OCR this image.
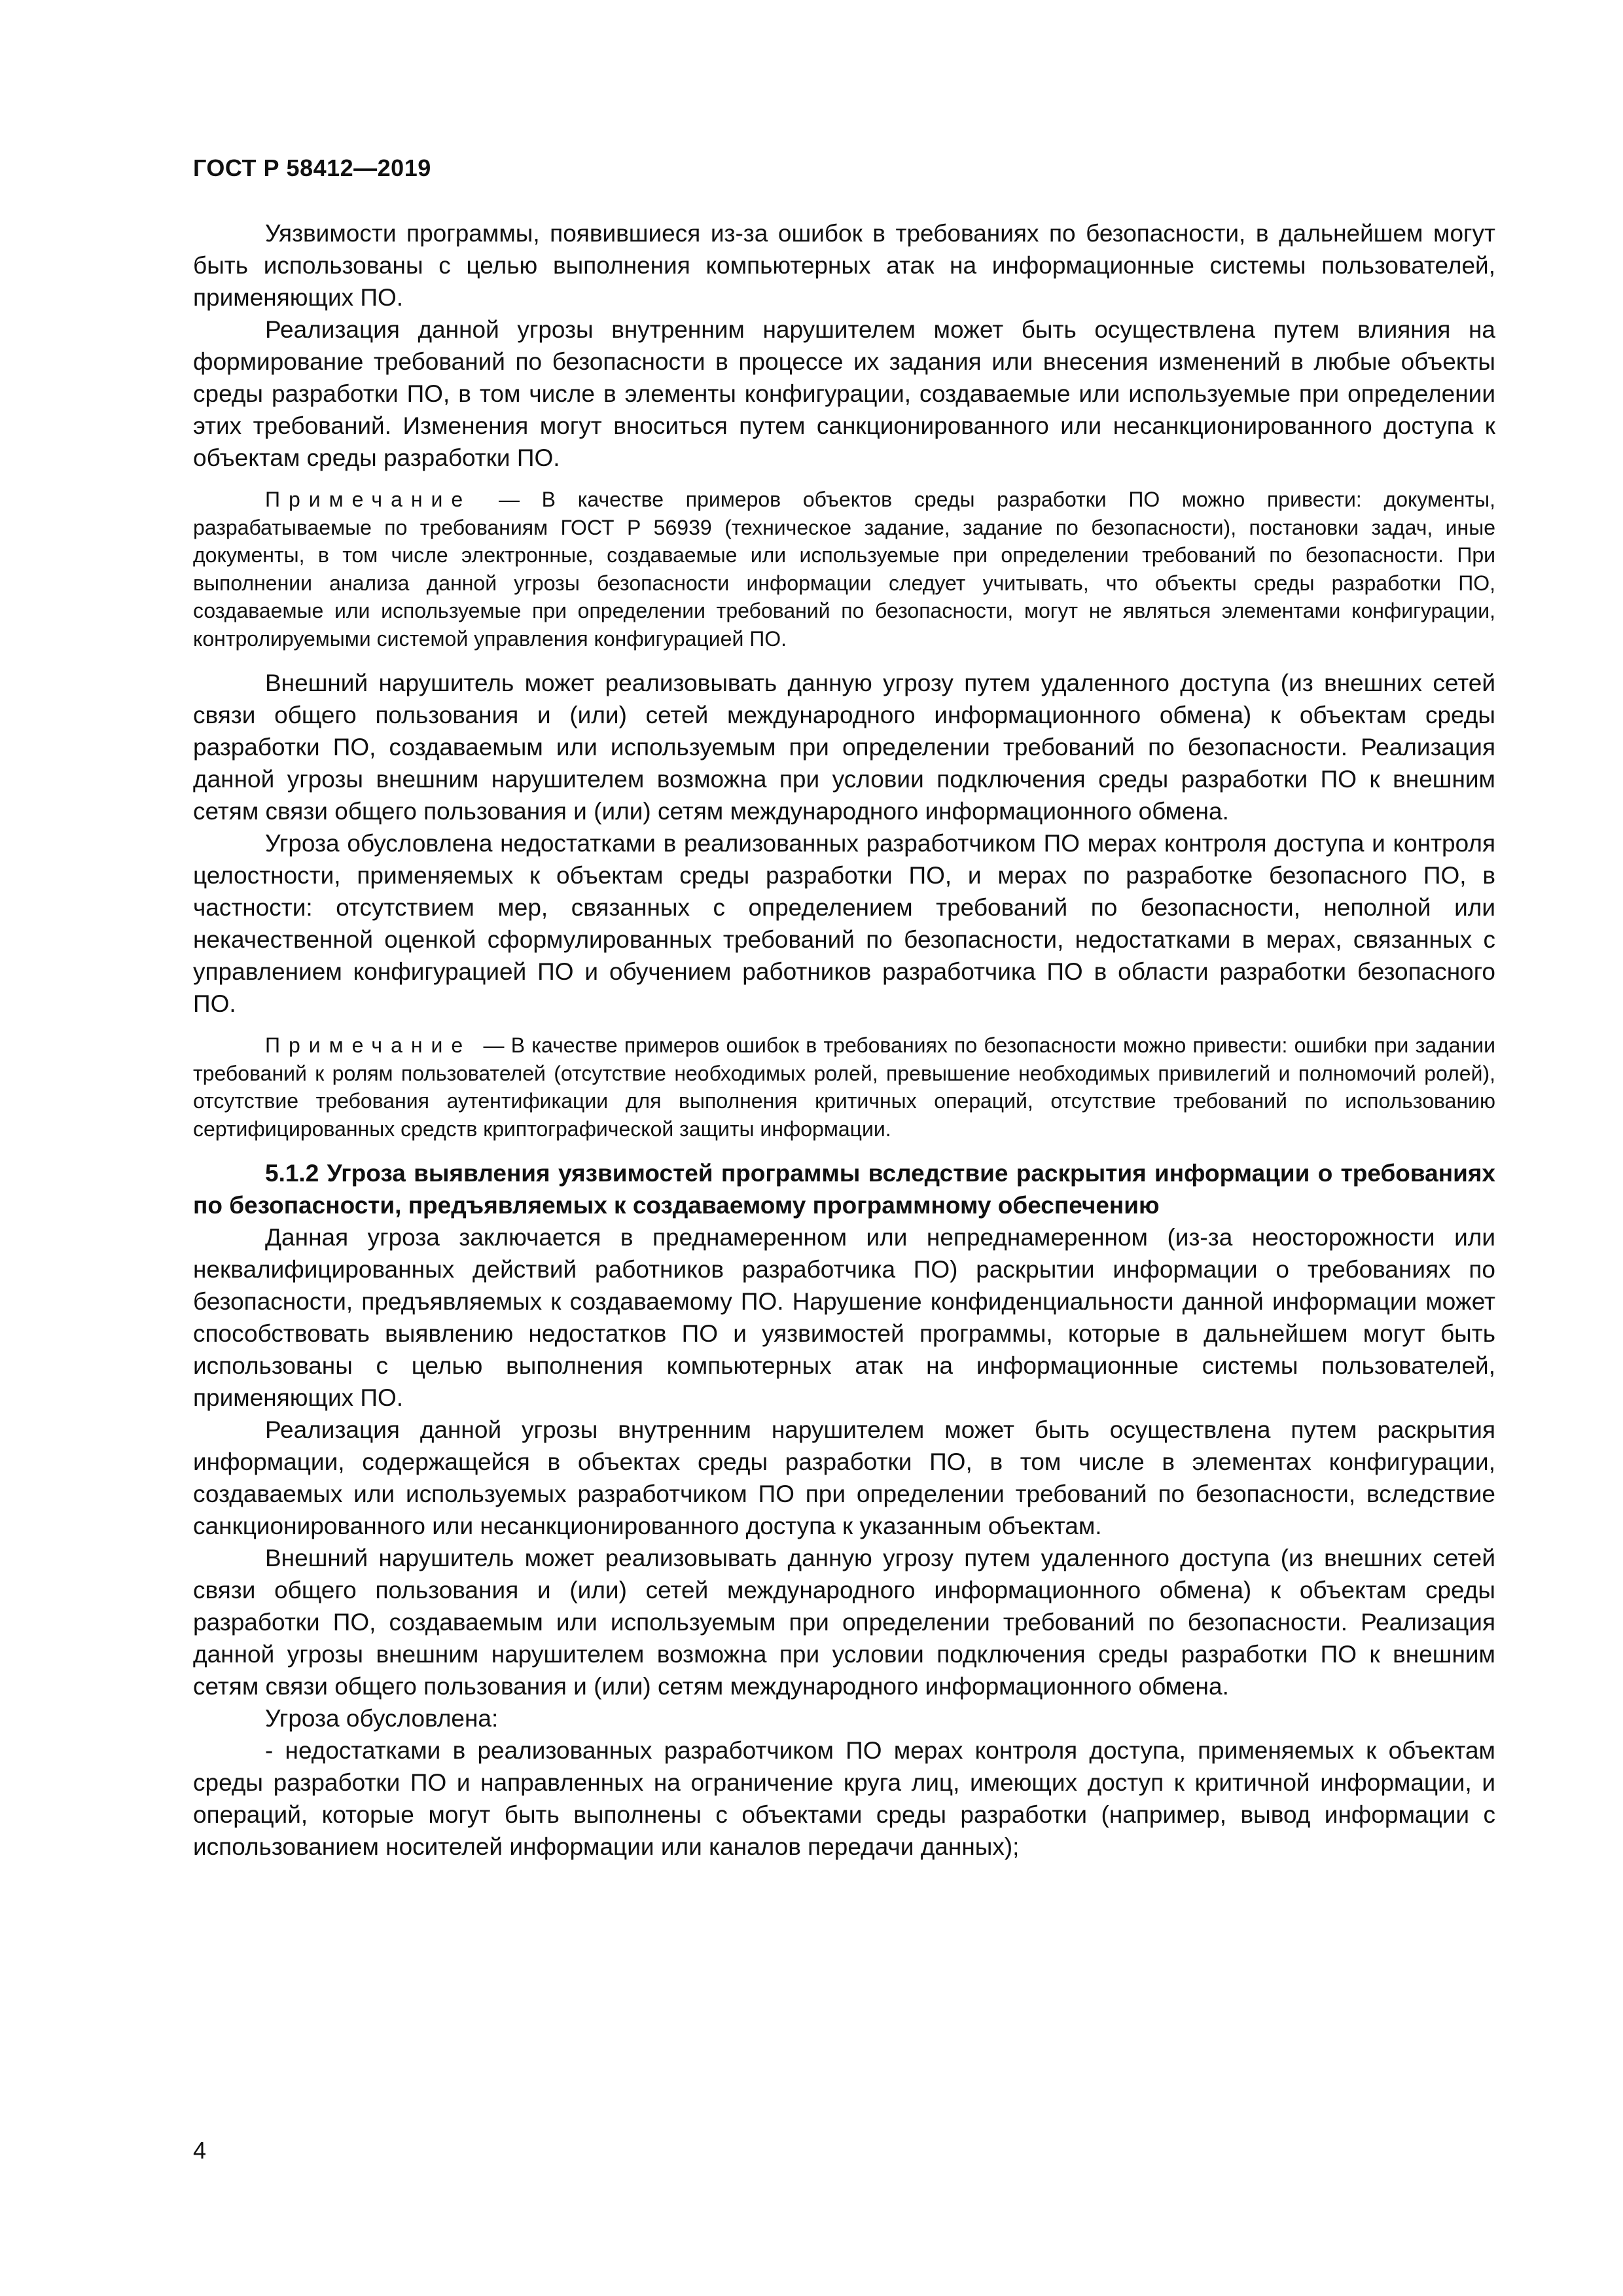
ГОСТ Р 58412—2019

Уязвимости программы, появившиеся из-за ошибок в требованиях по безопасности, в дальнейшем могут быть использованы с целью выполнения компьютерных атак на информационные системы пользователей, применяющих ПО.

Реализация данной угрозы внутренним нарушителем может быть осуществлена путем влияния на формирование требований по безопасности в процессе их задания или внесения изменений в любые объекты среды разработки ПО, в том числе в элементы конфигурации, создаваемые или используемые при определении этих требований. Изменения могут вноситься путем санкционированного или несанкционированного доступа к объектам среды разработки ПО.

Примечание — В качестве примеров объектов среды разработки ПО можно привести: документы, разрабатываемые по требованиям ГОСТ Р 56939 (техническое задание, задание по безопасности), постановки задач, иные документы, в том числе электронные, создаваемые или используемые при определении требований по безопасности. При выполнении анализа данной угрозы безопасности информации следует учитывать, что объекты среды разработки ПО, создаваемые или используемые при определении требований по безопасности, могут не являться элементами конфигурации, контролируемыми системой управления конфигурацией ПО.

Внешний нарушитель может реализовывать данную угрозу путем удаленного доступа (из внешних сетей связи общего пользования и (или) сетей международного информационного обмена) к объектам среды разработки ПО, создаваемым или используемым при определении требований по безопасности. Реализация данной угрозы внешним нарушителем возможна при условии подключения среды разработки ПО к внешним сетям связи общего пользования и (или) сетям международного информационного обмена.

Угроза обусловлена недостатками в реализованных разработчиком ПО мерах контроля доступа и контроля целостности, применяемых к объектам среды разработки ПО, и мерах по разработке безопасного ПО, в частности: отсутствием мер, связанных с определением требований по безопасности, неполной или некачественной оценкой сформулированных требований по безопасности, недостатками в мерах, связанных с управлением конфигурацией ПО и обучением работников разработчика ПО в области разработки безопасного ПО.

Примечание — В качестве примеров ошибок в требованиях по безопасности можно привести: ошибки при задании требований к ролям пользователей (отсутствие необходимых ролей, превышение необходимых привилегий и полномочий ролей), отсутствие требования аутентификации для выполнения критичных операций, отсутствие требований по использованию сертифицированных средств криптографической защиты информации.

5.1.2 Угроза выявления уязвимостей программы вследствие раскрытия информации о требованиях по безопасности, предъявляемых к создаваемому программному обеспечению

Данная угроза заключается в преднамеренном или непреднамеренном (из-за неосторожности или неквалифицированных действий работников разработчика ПО) раскрытии информации о требованиях по безопасности, предъявляемых к создаваемому ПО. Нарушение конфиденциальности данной информации может способствовать выявлению недостатков ПО и уязвимостей программы, которые в дальнейшем могут быть использованы с целью выполнения компьютерных атак на информационные системы пользователей, применяющих ПО.

Реализация данной угрозы внутренним нарушителем может быть осуществлена путем раскрытия информации, содержащейся в объектах среды разработки ПО, в том числе в элементах конфигурации, создаваемых или используемых разработчиком ПО при определении требований по безопасности, вследствие санкционированного или несанкционированного доступа к указанным объектам.

Внешний нарушитель может реализовывать данную угрозу путем удаленного доступа (из внешних сетей связи общего пользования и (или) сетей международного информационного обмена) к объектам среды разработки ПО, создаваемым или используемым при определении требований по безопасности. Реализация данной угрозы внешним нарушителем возможна при условии подключения среды разработки ПО к внешним сетям связи общего пользования и (или) сетям международного информационного обмена.

Угроза обусловлена:

- недостатками в реализованных разработчиком ПО мерах контроля доступа, применяемых к объектам среды разработки ПО и направленных на ограничение круга лиц, имеющих доступ к критичной информации, и операций, которые могут быть выполнены с объектами среды разработки (например, вывод информации с использованием носителей информации или каналов передачи данных);

4
